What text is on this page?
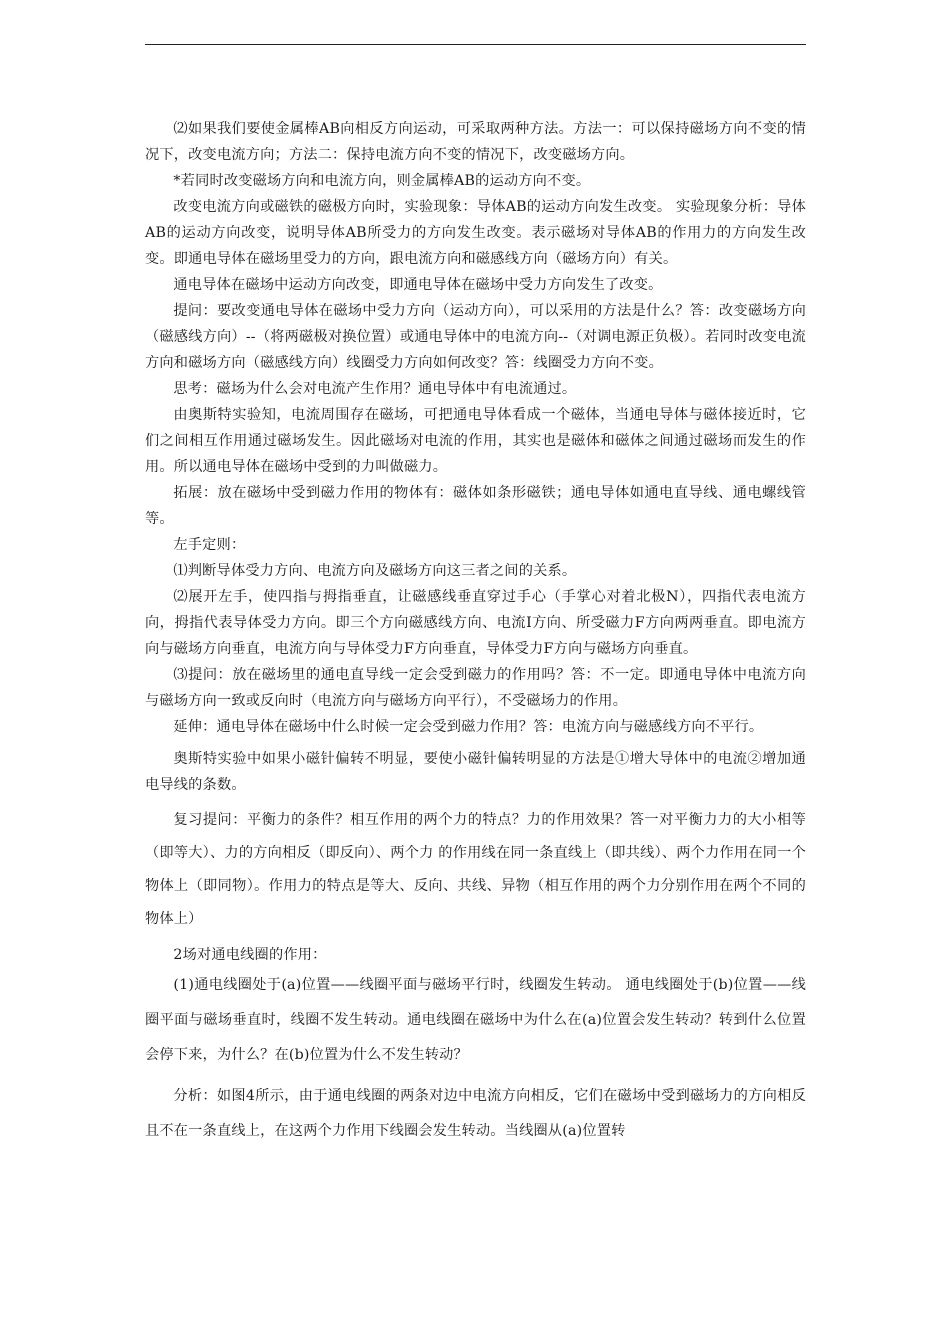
⑵如果我们要使金属棒AB向相反方向运动，可采取两种方法。方法一：可以保持磁场方向不变的情况下，改变电流方向；方法二：保持电流方向不变的情况下，改变磁场方向。

*若同时改变磁场方向和电流方向，则金属棒AB的运动方向不变。

改变电流方向或磁铁的磁极方向时，实验现象：导体AB的运动方向发生改变。 实验现象分析：导体AB的运动方向改变，说明导体AB所受力的方向发生改变。表示磁场对导体AB的作用力的方向发生改变。即通电导体在磁场里受力的方向，跟电流方向和磁感线方向（磁场方向）有关。

通电导体在磁场中运动方向改变，即通电导体在磁场中受力方向发生了改变。

提问：要改变通电导体在磁场中受力方向（运动方向），可以采用的方法是什么？答：改变磁场方向（磁感线方向）--（将两磁极对换位置）或通电导体中的电流方向--（对调电源正负极）。若同时改变电流方向和磁场方向（磁感线方向）线圈受力方向如何改变？答：线圈受力方向不变。

思考：磁场为什么会对电流产生作用？通电导体中有电流通过。

由奥斯特实验知，电流周围存在磁场，可把通电导体看成一个磁体，当通电导体与磁体接近时，它们之间相互作用通过磁场发生。因此磁场对电流的作用，其实也是磁体和磁体之间通过磁场而发生的作用。所以通电导体在磁场中受到的力叫做磁力。

拓展：放在磁场中受到磁力作用的物体有：磁体如条形磁铁；通电导体如通电直导线、通电螺线管等。

左手定则：

⑴判断导体受力方向、电流方向及磁场方向这三者之间的关系。

⑵展开左手，使四指与拇指垂直，让磁感线垂直穿过手心（手掌心对着北极N），四指代表电流方向，拇指代表导体受力方向。即三个方向磁感线方向、电流I方向、所受磁力F方向两两垂直。即电流方向与磁场方向垂直，电流方向与导体受力F方向垂直，导体受力F方向与磁场方向垂直。

⑶提问：放在磁场里的通电直导线一定会受到磁力的作用吗？答：不一定。即通电导体中电流方向与磁场方向一致或反向时（电流方向与磁场方向平行），不受磁场力的作用。

延伸：通电导体在磁场中什么时候一定会受到磁力作用？答：电流方向与磁感线方向不平行。

奥斯特实验中如果小磁针偏转不明显，要使小磁针偏转明显的方法是①增大导体中的电流②增加通电导线的条数。

复习提问：平衡力的条件？相互作用的两个力的特点？力的作用效果？答一对平衡力力的大小相等（即等大）、力的方向相反（即反向）、两个力 的作用线在同一条直线上（即共线）、两个力作用在同一个物体上（即同物）。作用力的特点是等大、反向、共线、异物（相互作用的两个力分别作用在两个不同的物体上）

2场对通电线圈的作用：

(1)通电线圈处于(a)位置——线圈平面与磁场平行时，线圈发生转动。 通电线圈处于(b)位置——线圈平面与磁场垂直时，线圈不发生转动。通电线圈在磁场中为什么在(a)位置会发生转动？转到什么位置会停下来，为什么？在(b)位置为什么不发生转动？

分析：如图4所示，由于通电线圈的两条对边中电流方向相反，它们在磁场中受到磁场力的方向相反且不在一条直线上，在这两个力作用下线圈会发生转动。当线圈从(a)位置转
